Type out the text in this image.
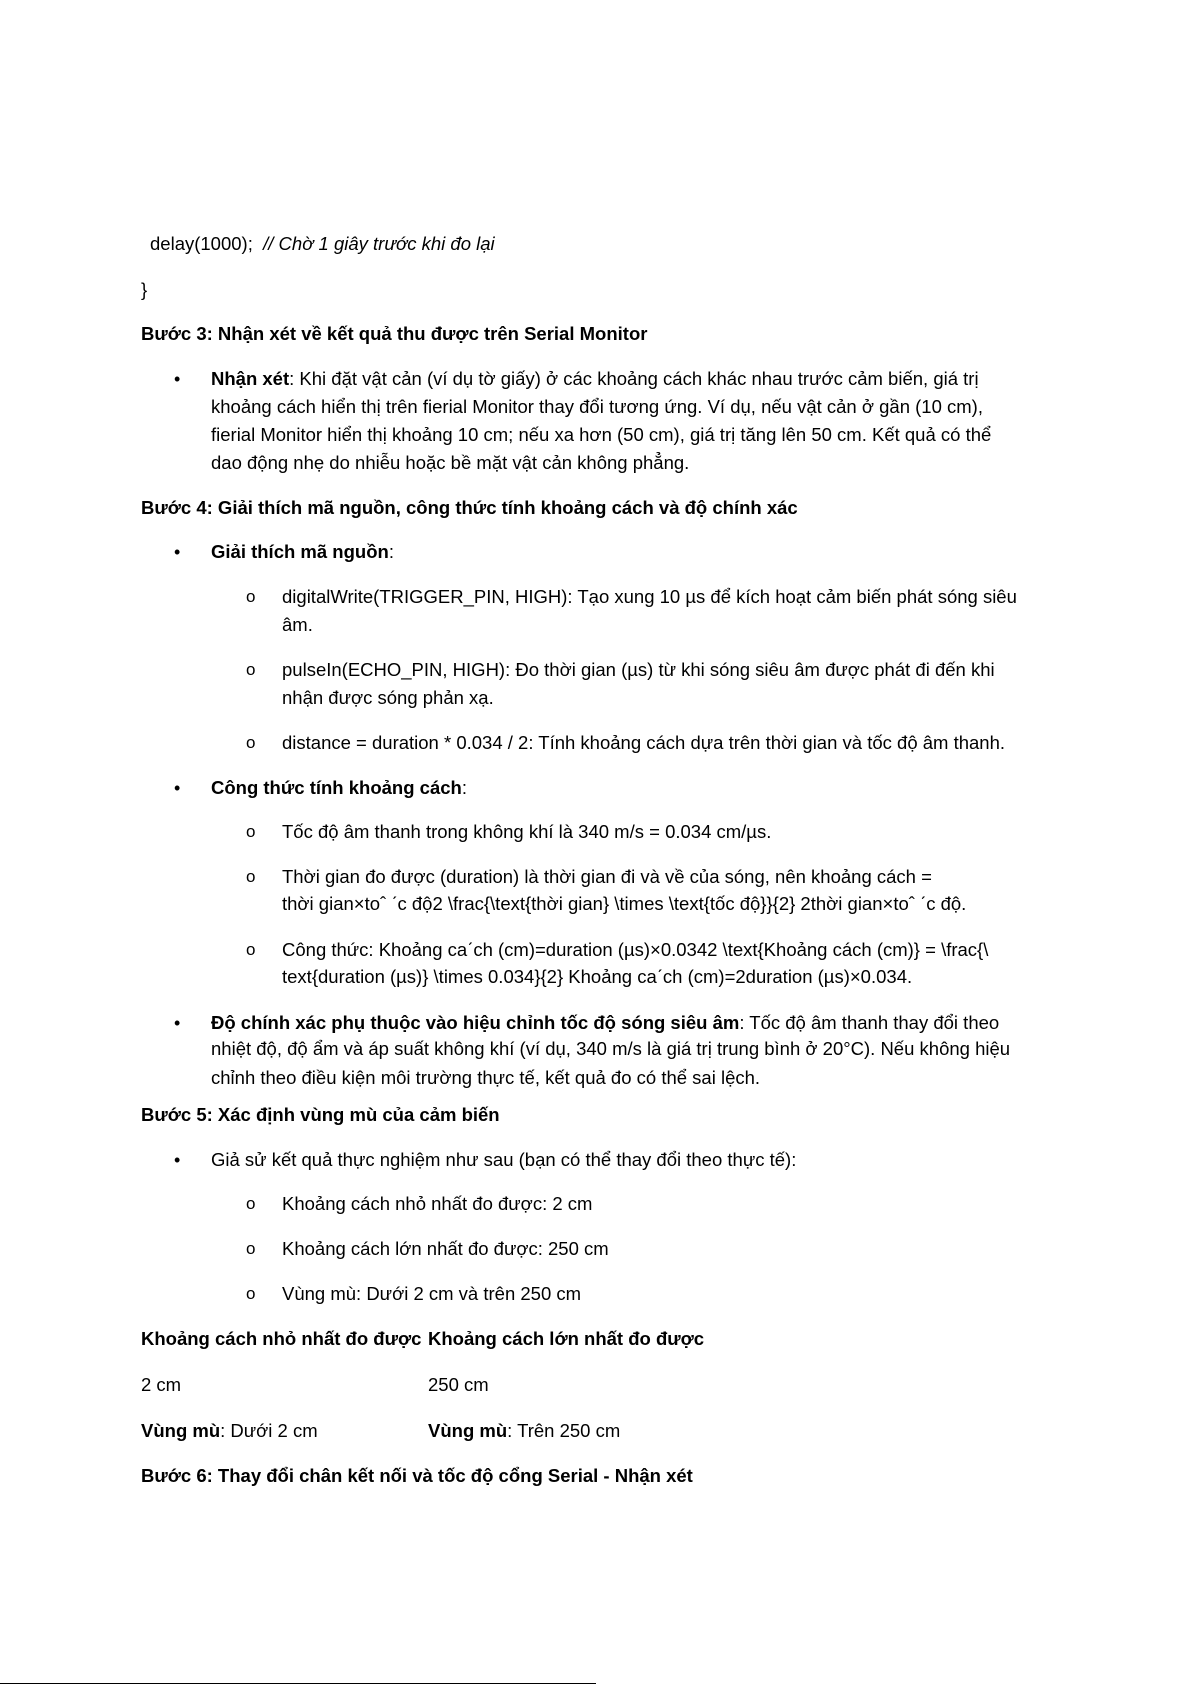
delay(1000); // Chờ 1 giây trước khi đo lại
}
Bước 3: Nhận xét về kết quả thu được trên Serial Monitor
• Nhận xét: Khi đặt vật cản (ví dụ tờ giấy) ở các khoảng cách khác nhau trước cảm biến, giá trị
khoảng cách hiển thị trên fierial Monitor thay đổi tương ứng. Ví dụ, nếu vật cản ở gần (10 cm),
fierial Monitor hiển thị khoảng 10 cm; nếu xa hơn (50 cm), giá trị tăng lên 50 cm. Kết quả có thể
dao động nhẹ do nhiễu hoặc bề mặt vật cản không phẳng.
Bước 4: Giải thích mã nguồn, công thức tính khoảng cách và độ chính xác
• Giải thích mã nguồn:
o digitalWrite(TRIGGER_PIN, HIGH): Tạo xung 10 µs để kích hoạt cảm biến phát sóng siêu
âm.
o pulseIn(ECHO_PIN, HIGH): Đo thời gian (µs) từ khi sóng siêu âm được phát đi đến khi
nhận được sóng phản xạ.
o distance = duration * 0.034 / 2: Tính khoảng cách dựa trên thời gian và tốc độ âm thanh.
• Công thức tính khoảng cách:
o Tốc độ âm thanh trong không khí là 340 m/s = 0.034 cm/µs.
o Thời gian đo được (duration) là thời gian đi và về của sóng, nên khoảng cách =
thời gian×toˆ ˊc độ2 \frac{\text{thời gian} \times \text{tốc độ}}{2} 2thời gian×toˆ ˊc độ.
o Công thức: Khoảng caˊch (cm)=duration (µs)×0.0342 \text{Khoảng cách (cm)} = \frac{\
text{duration (µs)} \times 0.034}{2} Khoảng caˊch (cm)=2duration (µs)×0.034.
• Độ chính xác phụ thuộc vào hiệu chỉnh tốc độ sóng siêu âm: Tốc độ âm thanh thay đổi theo
nhiệt độ, độ ẩm và áp suất không khí (ví dụ, 340 m/s là giá trị trung bình ở 20°C). Nếu không hiệu
chỉnh theo điều kiện môi trường thực tế, kết quả đo có thể sai lệch.
Bước 5: Xác định vùng mù của cảm biến
• Giả sử kết quả thực nghiệm như sau (bạn có thể thay đổi theo thực tế):
o Khoảng cách nhỏ nhất đo được: 2 cm
o Khoảng cách lớn nhất đo được: 250 cm
o Vùng mù: Dưới 2 cm và trên 250 cm
Khoảng cách nhỏ nhất đo được Khoảng cách lớn nhất đo được
2 cm	250 cm
Vùng mù: Dưới 2 cm	Vùng mù: Trên 250 cm
Bước 6: Thay đổi chân kết nối và tốc độ cổng Serial - Nhận xét
